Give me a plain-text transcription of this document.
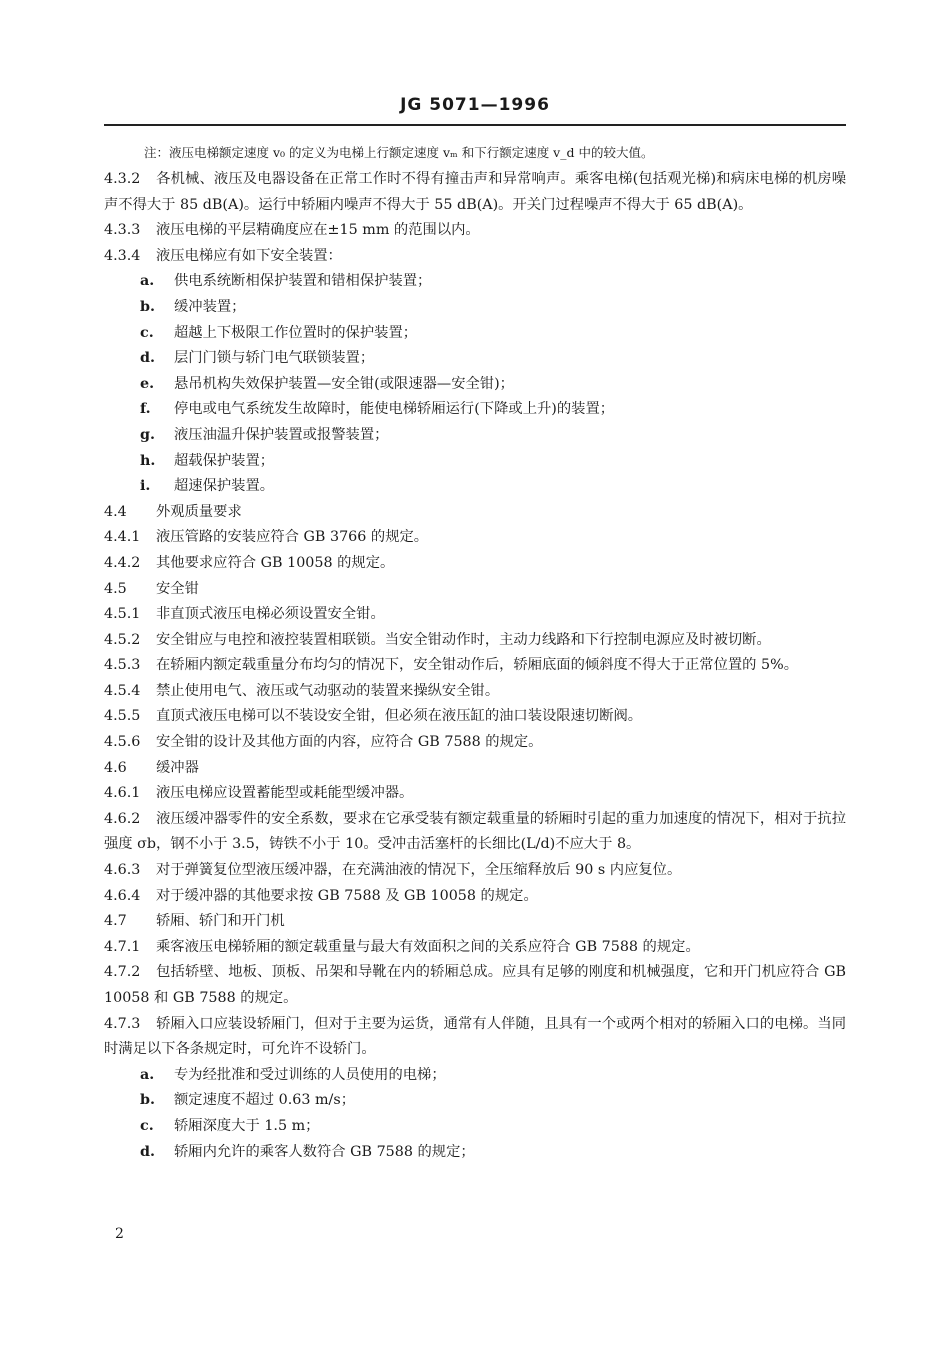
JG 5071—1996
注：液压电梯额定速度 v₀ 的定义为电梯上行额定速度 vₘ 和下行额定速度 v_d 中的较大值。
4.3.2 各机械、液压及电器设备在正常工作时不得有撞击声和异常响声。乘客电梯(包括观光梯)和病床电梯的机房噪声不得大于 85 dB(A)。运行中轿厢内噪声不得大于 55 dB(A)。开关门过程噪声不得大于 65 dB(A)。
4.3.3 液压电梯的平层精确度应在±15 mm 的范围以内。
4.3.4 液压电梯应有如下安全装置：
a. 供电系统断相保护装置和错相保护装置；
b. 缓冲装置；
c. 超越上下极限工作位置时的保护装置；
d. 层门门锁与轿门电气联锁装置；
e. 悬吊机构失效保护装置—安全钳(或限速器—安全钳)；
f. 停电或电气系统发生故障时，能使电梯轿厢运行(下降或上升)的装置；
g. 液压油温升保护装置或报警装置；
h. 超载保护装置；
i. 超速保护装置。
4.4 外观质量要求
4.4.1 液压管路的安装应符合 GB 3766 的规定。
4.4.2 其他要求应符合 GB 10058 的规定。
4.5 安全钳
4.5.1 非直顶式液压电梯必须设置安全钳。
4.5.2 安全钳应与电控和液控装置相联锁。当安全钳动作时，主动力线路和下行控制电源应及时被切断。
4.5.3 在轿厢内额定载重量分布均匀的情况下，安全钳动作后，轿厢底面的倾斜度不得大于正常位置的 5%。
4.5.4 禁止使用电气、液压或气动驱动的装置来操纵安全钳。
4.5.5 直顶式液压电梯可以不装设安全钳，但必须在液压缸的油口装设限速切断阀。
4.5.6 安全钳的设计及其他方面的内容，应符合 GB 7588 的规定。
4.6 缓冲器
4.6.1 液压电梯应设置蓄能型或耗能型缓冲器。
4.6.2 液压缓冲器零件的安全系数，要求在它承受装有额定载重量的轿厢时引起的重力加速度的情况下，相对于抗拉强度 σb，钢不小于 3.5，铸铁不小于 10。受冲击活塞杆的长细比(L/d)不应大于 8。
4.6.3 对于弹簧复位型液压缓冲器，在充满油液的情况下，全压缩释放后 90 s 内应复位。
4.6.4 对于缓冲器的其他要求按 GB 7588 及 GB 10058 的规定。
4.7 轿厢、轿门和开门机
4.7.1 乘客液压电梯轿厢的额定载重量与最大有效面积之间的关系应符合 GB 7588 的规定。
4.7.2 包括轿壁、地板、顶板、吊架和导靴在内的轿厢总成。应具有足够的刚度和机械强度，它和开门机应符合 GB 10058 和 GB 7588 的规定。
4.7.3 轿厢入口应装设轿厢门，但对于主要为运货，通常有人伴随，且具有一个或两个相对的轿厢入口的电梯。当同时满足以下各条规定时，可允许不设轿门。
a. 专为经批准和受过训练的人员使用的电梯；
b. 额定速度不超过 0.63 m/s；
c. 轿厢深度大于 1.5 m；
d. 轿厢内允许的乘客人数符合 GB 7588 的规定；
2
